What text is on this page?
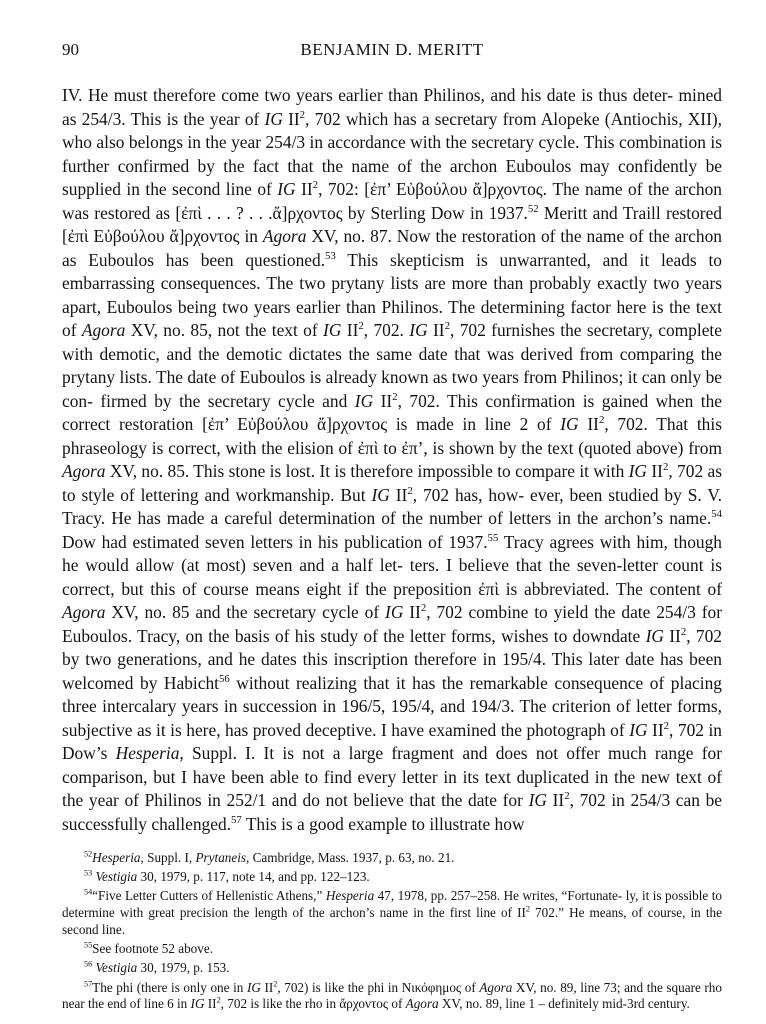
90	BENJAMIN D. MERITT
IV. He must therefore come two years earlier than Philinos, and his date is thus deter- mined as 254/3. This is the year of IG $II^2$, 702 which has a secretary from Alopeke (Antiochis, XII), who also belongs in the year 254/3 in accordance with the secretary cycle. This combination is further confirmed by the fact that the name of the archon Euboulos may confidently be supplied in the second line of IG $II^2$, 702: [ἐπ’ Εὐβούλου ἄ]ρχοντος. The name of the archon was restored as [ἐπὶ . . . ? . . .ἄ]ρχοντος by Sterling Dow in 1937.52 Meritt and Traill restored [ἐπὶ Εὐβούλου ἄ]ρχοντος in Agora XV, no. 87. Now the restoration of the name of the archon as Euboulos has been questioned.$^{53}$ This skepticism is unwarranted, and it leads to embarrassing consequences. The two prytany lists are more than probably exactly two years apart, Euboulos being two years earlier than Philinos. The determining factor here is the text of Agora XV, no. 85, not the text of IG $II^2$, 702. IG $II^2$, 702 furnishes the secretary, complete with demotic, and the demotic dictates the same date that was derived from comparing the prytany lists. The date of Euboulos is already known as two years from Philinos; it can only be con- firmed by the secretary cycle and IG $II^2$, 702. This confirmation is gained when the correct restoration [ἐπ’ Εὐβούλου ἄ]ρχοντος is made in line 2 of IG $II^2$, 702. That this phraseology is correct, with the elision of ἐπὶ to ἐπ’, is shown by the text (quoted above) from Agora XV, no. 85. This stone is lost. It is therefore impossible to compare it with IG $II^2$, 702 as to style of lettering and workmanship. But IG $II^2$, 702 has, how- ever, been studied by S. V. Tracy. He has made a careful determination of the number of letters in the archon’s name.$^{54}$ Dow had estimated seven letters in his publication of 1937.55 Tracy agrees with him, though he would allow (at most) seven and a half let- ters. I believe that the seven-letter count is correct, but this of course means eight if the preposition ἐπὶ is abbreviated. The content of Agora XV, no. 85 and the secretary cycle of IG $II^2$, 702 combine to yield the date 254/3 for Euboulos. Tracy, on the basis of his study of the letter forms, wishes to downdate IG $II^2$, 702 by two generations, and he dates this inscription therefore in 195/4. This later date has been welcomed by Habicht$^{56}$ without realizing that it has the remarkable consequence of placing three intercalary years in succession in 196/5, 195/4, and 194/3. The criterion of letter forms, subjective as it is here, has proved deceptive. I have examined the photograph of IG $II^2$, 702 in Dow’s Hesperia, Suppl. I. It is not a large fragment and does not offer much range for comparison, but I have been able to find every letter in its text duplicated in the new text of the year of Philinos in 252/1 and do not believe that the date for IG $II^2$, 702 in 254/3 can be successfully challenged.$^{57}$ This is a good example to illustrate how

$^{52}$Hesperia, Suppl. I, Prytaneis, Cambridge, Mass. 1937, p. 63, no. 21.

$^{53}$ Vestigia 30, 1979, p. 117, note 14, and pp. 122–123.

$^{54}$“Five Letter Cutters of Hellenistic Athens,” Hesperia 47, 1978, pp. 257–258. He writes, “Fortunate- ly, it is possible to determine with great precision the length of the archon’s name in the first line of $II^2$ 702.” He means, of course, in the second line.

$^{55}$See footnote 52 above.

$^{56}$ Vestigia 30, 1979, p. 153.

$^{57}$The phi (there is only one in IG $II^2$, 702) is like the phi in Νικόφημος of Agora XV, no. 89, line 73; and the square rho near the end of line 6 in IG $II^2$, 702 is like the rho in ἄρχοντος of Agora XV, no. 89, line 1 – definitely mid-3rd century.
